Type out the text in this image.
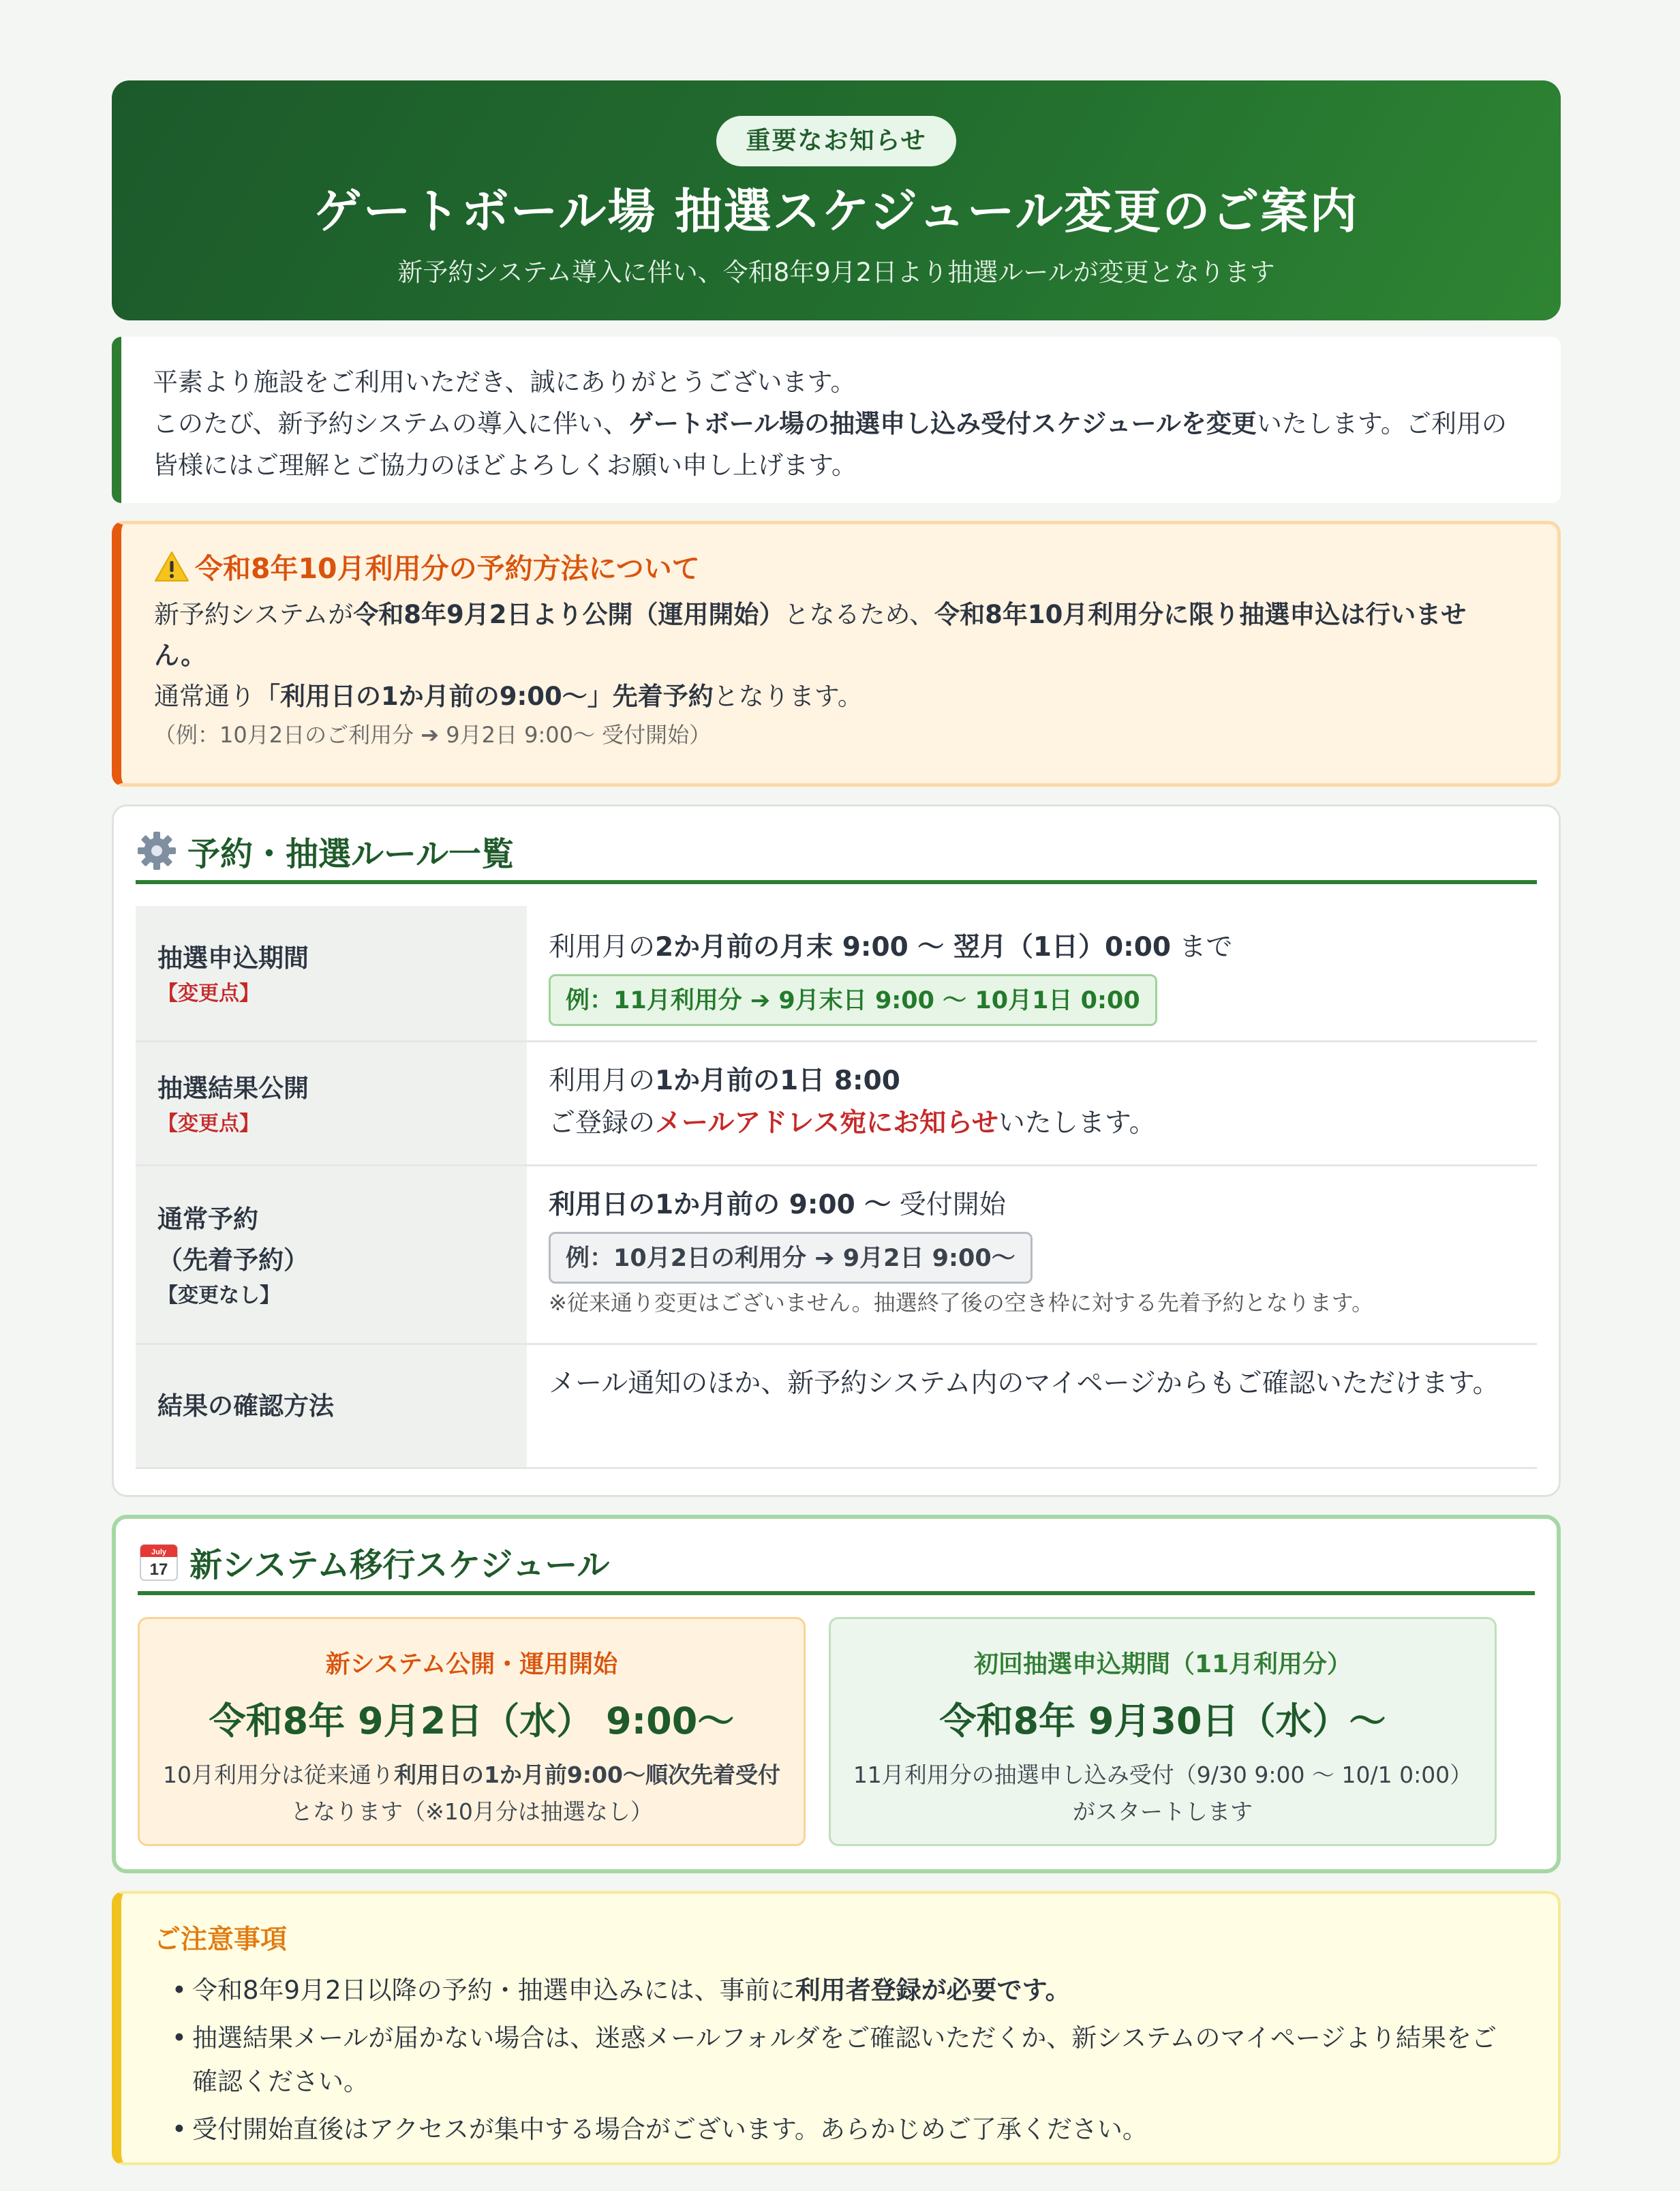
重要なお知らせ
ゲートボール場 抽選スケジュール変更のご案内
新予約システム導入に伴い、令和8年9月2日より抽選ルールが変更となります
平素より施設をご利用いただき、誠にありがとうございます。
このたび、新予約システムの導入に伴い、ゲートボール場の抽選申し込み受付スケジュールを変更いたします。ご利用の皆様にはご理解とご協力のほどよろしくお願い申し上げます。
令和8年10月利用分の予約方法について
新予約システムが令和8年9月2日より公開（運用開始）となるため、令和8年10月利用分に限り抽選申込は行いません。
通常通り「利用日の1か月前の9:00〜」先着予約となります。
（例：10月2日のご利用分 ➔ 9月2日 9:00〜 受付開始）
予約・抽選ルール一覧
抽選申込期間
【変更点】
利用月の2か月前の月末 9:00 〜 翌月（1日）0:00 まで
例：11月利用分 ➔ 9月末日 9:00 〜 10月1日 0:00
抽選結果公開
【変更点】
利用月の1か月前の1日 8:00
ご登録のメールアドレス宛にお知らせいたします。
通常予約
（先着予約）
【変更なし】
利用日の1か月前の 9:00 〜 受付開始
例：10月2日の利用分 ➔ 9月2日 9:00〜
※従来通り変更はございません。抽選終了後の空き枠に対する先着予約となります。
結果の確認方法
メール通知のほか、新予約システム内のマイページからもご確認いただけます。
July
17 新システム移行スケジュール
新システム公開・運用開始
令和8年 9月2日（水） 9:00〜
10月利用分は従来通り利用日の1か月前9:00〜順次先着受付となります（※10月分は抽選なし）
初回抽選申込期間（11月利用分）
令和8年 9月30日（水）〜
11月利用分の抽選申し込み受付（9/30 9:00 〜 10/1 0:00）がスタートします
ご注意事項
• 令和8年9月2日以降の予約・抽選申込みには、事前に利用者登録が必要です。
• 抽選結果メールが届かない場合は、迷惑メールフォルダをご確認いただくか、新システムのマイページより結果をご確認ください。
• 受付開始直後はアクセスが集中する場合がございます。あらかじめご了承ください。
